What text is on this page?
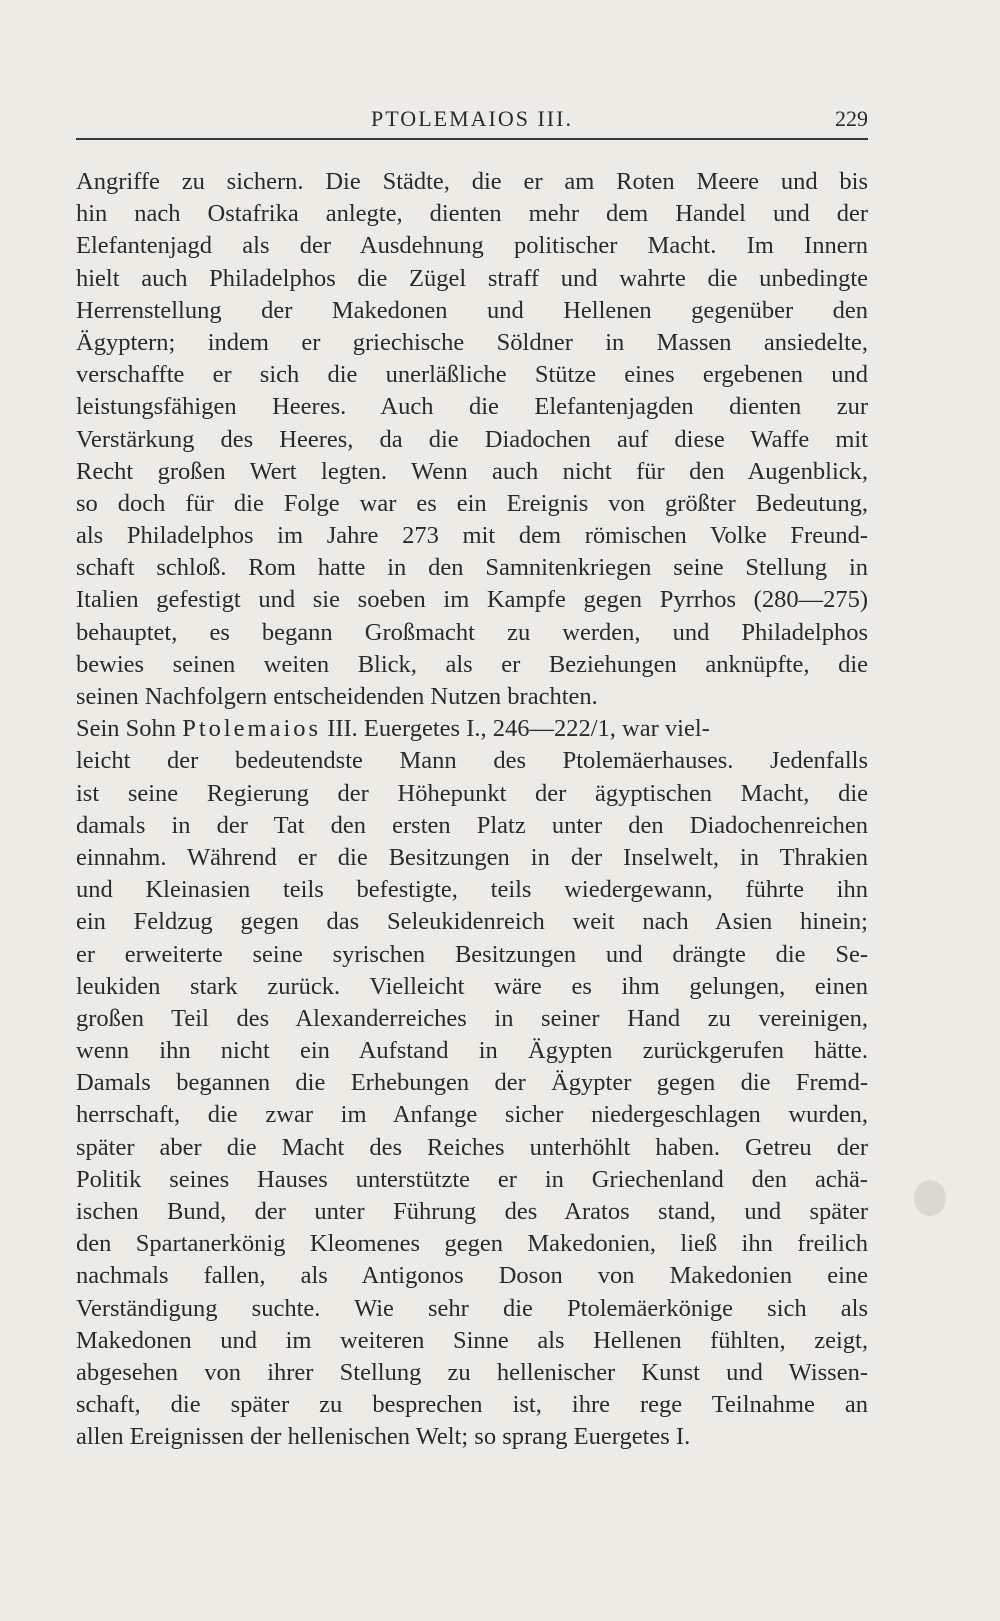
PTOLEMAIOS III.	229
Angriffe zu sichern. Die Städte, die er am Roten Meere und bis
hin nach Ostafrika anlegte, dienten mehr dem Handel und der
Elefantenjagd als der Ausdehnung politischer Macht. Im Innern
hielt auch Philadelphos die Zügel straff und wahrte die unbedingte
Herrenstellung der Makedonen und Hellenen gegenüber den
Ägyptern; indem er griechische Söldner in Massen ansiedelte,
verschaffte er sich die unerläßliche Stütze eines ergebenen und
leistungsfähigen Heeres. Auch die Elefantenjagden dienten zur
Verstärkung des Heeres, da die Diadochen auf diese Waffe mit
Recht großen Wert legten. Wenn auch nicht für den Augenblick,
so doch für die Folge war es ein Ereignis von größter Bedeutung,
als Philadelphos im Jahre 273 mit dem römischen Volke Freund-
schaft schloß. Rom hatte in den Samnitenkriegen seine Stellung in
Italien gefestigt und sie soeben im Kampfe gegen Pyrrhos (280—275)
behauptet, es begann Großmacht zu werden, und Philadelphos
bewies seinen weiten Blick, als er Beziehungen anknüpfte, die
seinen Nachfolgern entscheidenden Nutzen brachten.
Sein Sohn Ptolemaios III. Euergetes I., 246—222/1, war viel-
leicht der bedeutendste Mann des Ptolemäerhauses. Jedenfalls
ist seine Regierung der Höhepunkt der ägyptischen Macht, die
damals in der Tat den ersten Platz unter den Diadochenreichen
einnahm. Während er die Besitzungen in der Inselwelt, in Thrakien
und Kleinasien teils befestigte, teils wiedergewann, führte ihn
ein Feldzug gegen das Seleukidenreich weit nach Asien hinein;
er erweiterte seine syrischen Besitzungen und drängte die Se-
leukiden stark zurück. Vielleicht wäre es ihm gelungen, einen
großen Teil des Alexanderreiches in seiner Hand zu vereinigen,
wenn ihn nicht ein Aufstand in Ägypten zurückgerufen hätte.
Damals begannen die Erhebungen der Ägypter gegen die Fremd-
herrschaft, die zwar im Anfange sicher niedergeschlagen wurden,
später aber die Macht des Reiches unterhöhlt haben. Getreu der
Politik seines Hauses unterstützte er in Griechenland den achä-
ischen Bund, der unter Führung des Aratos stand, und später
den Spartanerkönig Kleomenes gegen Makedonien, ließ ihn freilich
nachmals fallen, als Antigonos Doson von Makedonien eine
Verständigung suchte. Wie sehr die Ptolemäerkönige sich als
Makedonen und im weiteren Sinne als Hellenen fühlten, zeigt,
abgesehen von ihrer Stellung zu hellenischer Kunst und Wissen-
schaft, die später zu besprechen ist, ihre rege Teilnahme an
allen Ereignissen der hellenischen Welt; so sprang Euergetes I.
